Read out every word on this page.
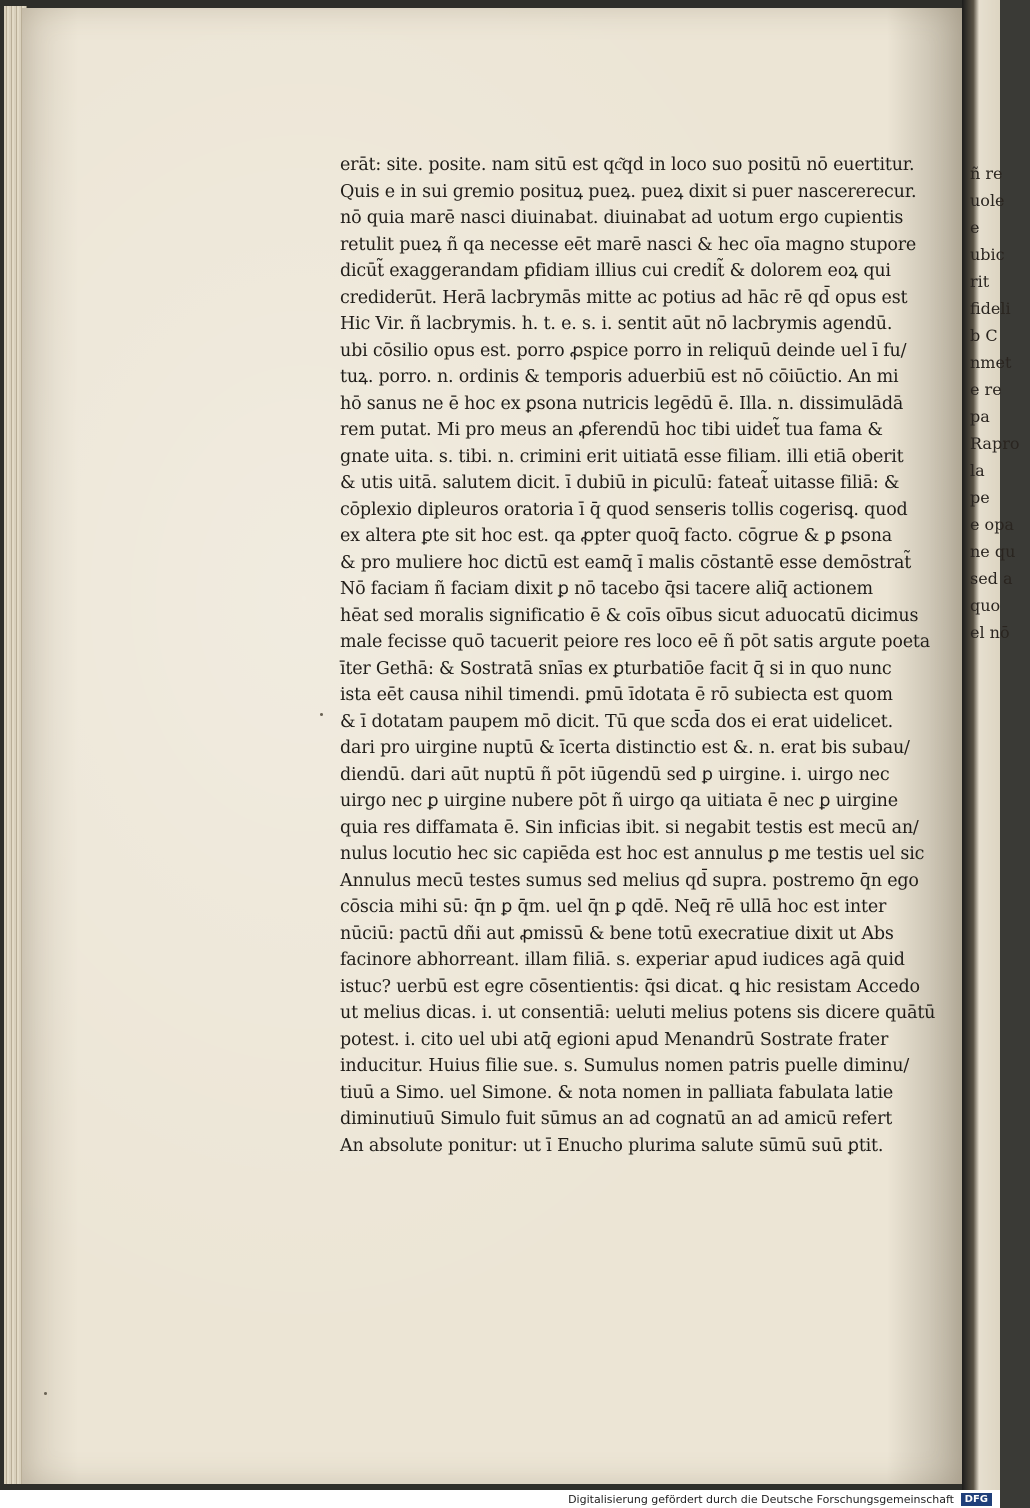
erāt: site. posite. nam sitū est qc͂qd in loco suo positū nō euertitur.
Quis e in sui gremio posituꝝ pueꝝ. pueꝝ dixit si puer nascererecur.
nō quia marē nasci diuinabat. diuinabat ad uotum ergo cupientis
retulit pueꝝ ñ qa necesse eēt marē nasci & hec oīa magno stupore
dicūt̃ exaggerandam ꝑfidiam illius cui credit̃ & dolorem eoꝝ qui
crediderūt. Herā lacbrymās mitte ac potius ad hāc rē qd̄ opus est
Hic Vir. ñ lacbrymis. h. t. e. s. i. sentit aūt nō lacbrymis agendū.
ubi cōsilio opus est. porro ꝓspice porro in reliquū deinde uel ī fu/
tuꝝ. porro. n. ordinis & temporis aduerbiū est nō cōiūctio. An mi
hō sanus ne ē hoc ex ꝑsona nutricis legēdū ē. Illa. n. dissimulādā
rem putat. Mi pro meus an ꝓferendū hoc tibi uidet̃ tua fama &
gnate uita. s. tibi. n. crimini erit uitiatā esse filiam. illi etiā oberit
& utis uitā. salutem dicit. ī dubiū in ꝑiculū: fateat̃ uitasse filiā: &
cōplexio dipleuros oratoria ī q̄ quod senseris tollis cogerisꝗ. quod
ex altera ꝑte sit hoc est. qa ꝓpter quoq̄ facto. cōgrue & ꝑ ꝑsona
& pro muliere hoc dictū est eamq̄ ī malis cōstantē esse demōstrat̃
Nō faciam ñ faciam dixit ꝑ nō tacebo q̄si tacere aliq̄ actionem
hēat sed moralis significatio ē & coīs oībus sicut aduocatū dicimus
male fecisse quō tacuerit peiore res loco eē ñ pōt satis argute poeta
īter Gethā: & Sostratā snīas ex ꝑturbatiōe facit q̄ si in quo nunc
ista eēt causa nihil timendi. ꝑmū īdotata ē rō subiecta est quom
& ī dotatam paupem mō dicit. Tū que scd̄a dos ei erat uidelicet.
dari pro uirgine nuptū & īcerta distinctio est &. n. erat bis subau/
diendū. dari aūt nuptū ñ pōt iūgendū sed ꝑ uirgine. i. uirgo nec
uirgo nec ꝑ uirgine nubere pōt ñ uirgo qa uitiata ē nec ꝑ uirgine
quia res diffamata ē. Sin inficias ibit. si negabit testis est mecū an/
nulus locutio hec sic capiēda est hoc est annulus ꝑ me testis uel sic
Annulus mecū testes sumus sed melius qd̄ supra. postremo q̄n ego
cōscia mihi sū: q̄n ꝑ q̄m. uel q̄n ꝑ qdē. Neq̄ rē ullā hoc est inter
nūciū: pactū dñi aut ꝓmissū & bene totū execratiue dixit ut Abs
facinore abhorreant. illam filiā. s. experiar apud iudices agā quid
istuc? uerbū est egre cōsentientis: q̄si dicat. ꝗ hic resistam Accedo
ut melius dicas. i. ut consentiā: ueluti melius potens sis dicere quātū
potest. i. cito uel ubi atq̄ egioni apud Menandrū Sostrate frater
inducitur. Huius filie sue. s. Sumulus nomen patris puelle diminu/
tiuū a Simo. uel Simone. & nota nomen in palliata fabulata latie
diminutiuū Simulo fuit sūmus an ad cognatū an ad amicū refert
An absolute ponitur: ut ī Enucho plurima salute sūmū suū ꝑtit.
ñ re
uole
e
ubic
rit
fideli
b C
nmet
e re
pa
Rapro
la
pe
e opa
ne qu
sed a
quo
el nō
Digitalisierung gefördert durch die Deutsche Forschungsgemeinschaft	DFG
